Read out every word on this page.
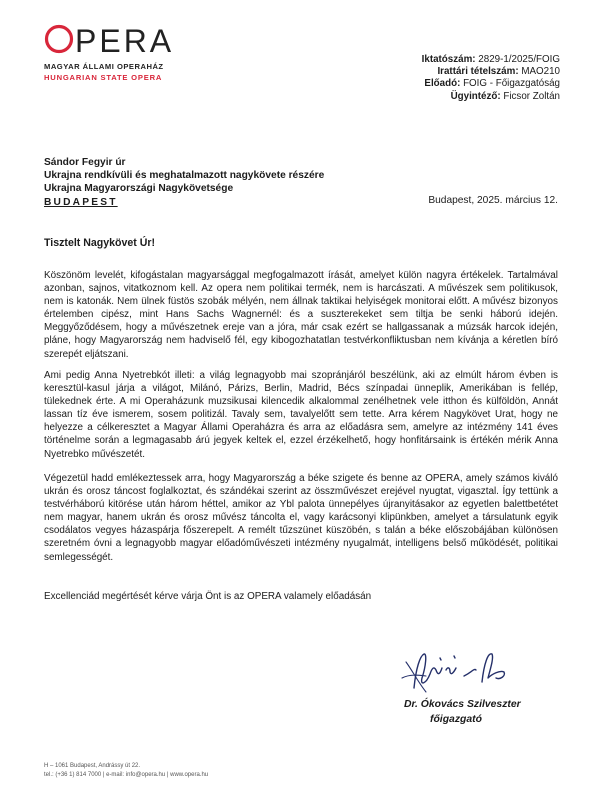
PERA
MAGYAR ÁLLAMI OPERAHÁZ
HUNGARIAN STATE OPERA
Iktatószám: 2829-1/2025/FOIG
Irattári tételszám: MAO210
Előadó: FOIG - Főigazgatóság
Ügyintéző: Ficsor Zoltán
Sándor Fegyir úr
Ukrajna rendkívüli és meghatalmazott nagykövete részére
Ukrajna Magyarországi Nagykövetsége
BUDAPEST	Budapest, 2025. március 12.
Tisztelt Nagykövet Úr!

Köszönöm levelét, kifogástalan magyarsággal megfogalmazott írását, amelyet külön nagyra értékelek. Tartalmával azonban, sajnos, vitatkoznom kell. Az opera nem politikai termék, nem is harcászati. A művészek sem politikusok, nem is katonák. Nem ülnek füstös szobák mélyén, nem állnak taktikai helyiségek monitorai előtt. A művész bizonyos értelemben cipész, mint Hans Sachs Wagnernél: és a suszterekeket sem tiltja be senki háború idején. Meggyőződésem, hogy a művészetnek ereje van a jóra, már csak ezért se hallgassanak a múzsák harcok idején, pláne, hogy Magyarország nem hadviselő fél, egy kibogozhatatlan testvérkonfliktusban nem kívánja a kéretlen bíró szerepét eljátszani.

Ami pedig Anna Nyetrebkót illeti: a világ legnagyobb mai szopránjáról beszélünk, aki az elmúlt három évben is keresztül-kasul járja a világot, Milánó, Párizs, Berlin, Madrid, Bécs színpadai ünneplik, Amerikában is fellép, tülekednek érte. A mi Operaházunk muzsikusai kilencedik alkalommal zenélhetnek vele itthon és külföldön, Annát lassan tíz éve ismerem, sosem politizál. Tavaly sem, tavalyelőtt sem tette. Arra kérem Nagykövet Urat, hogy ne helyezze a célkeresztet a Magyar Állami Operaházra és arra az előadásra sem, amelyre az intézmény 141 éves történelme során a legmagasabb árú jegyek keltek el, ezzel érzékelhető, hogy honfitársaink is értékén mérik Anna Nyetrebko művészetét.

Végezetül hadd emlékeztessek arra, hogy Magyarország a béke szigete és benne az OPERA, amely számos kiváló ukrán és orosz táncost foglalkoztat, és szándékai szerint az összművészet erejével nyugtat, vigasztal. Így tettünk a testvérháború kitörése után három héttel, amikor az Ybl palota ünnepélyes újranyitásakor az egyetlen balettbetétet nem magyar, hanem ukrán és orosz művész táncolta el, vagy karácsonyi klipünkben, amelyet a társulatunk egyik csodálatos vegyes házaspárja főszerepelt. A remélt tűzszünet küszöbén, s talán a béke előszobájában különösen szeretném óvni a legnagyobb magyar előadóművészeti intézmény nyugalmát, intelligens belső működését, politikai semlegességét.

Excellenciád megértését kérve várja Önt is az OPERA valamely előadásán

Dr. Ókovács Szilveszter
főigazgató
H – 1061 Budapest, Andrássy út 22.
tel.: (+36 1) 814 7000 | e-mail: info@opera.hu | www.opera.hu
